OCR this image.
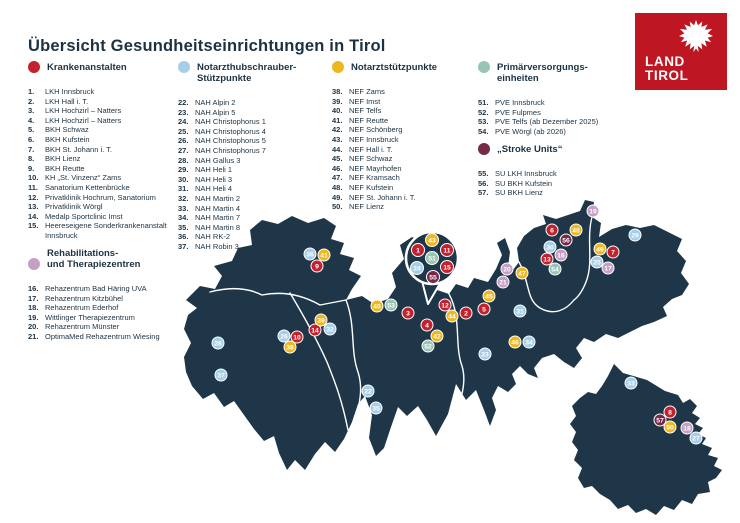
Übersicht Gesundheitseinrichtungen in Tirol
LAND
TIROL
Krankenanstalten
1.	LKH Innsbruck
2.	LKH Hall i. T.
3.	LKH Hochzirl – Natters
4.	LKH Hochzirl – Natters
5.	BKH Schwaz
6.	BKH Kufstein
7.	BKH St. Johann i. T.
8.	BKH Lienz
9.	BKH Reutte
10. KH „St. Vinzenz“ Zams
11. Sanatorium Kettenbrücke
12. Privatklinik Hochrum, Sanatorium
13. Privatklinik Wörgl
14. Medalp Sportclinic Imst
15. Heereseigene Sonderkrankenanstalt Innsbruck
Rehabilitations-
und Therapiezentren
16. Rehazentrum Bad Häring UVA
17. Rehazentrum Kitzbühel
18. Rehazentrum Ederhof
19. Wittlinger Therapiezentrum
20. Rehazentrum Münster
21. OptimaMed Rehazentrum Wiesing
Notarzthubschrauber-
Stützpunkte
22. NAH Alpin 2
23. NAH Alpin 5
24. NAH Christophorus 1
25. NAH Christophorus 4
26. NAH Christophorus 5
27. NAH Christophorus 7
28. NAH Gallus 3
29. NAH Heli 1
30. NAH Heli 3
31. NAH Heli 4
32. NAH Martin 2
33. NAH Martin 4
34. NAH Martin 7
35. NAH Martin 8
36. NAH RK-2
37. NAH Robin 3
Notarztstützpunkte
38. NEF Zams
39. NEF Imst
40. NEF Telfs
41. NEF Reutte
42. NEF Schönberg
43. NEF Innsbruck
44. NEF Hall i. T.
45. NEF Schwaz
46. NEF Mayrhofen
47. NEF Kramsach
48. NEF Kufstein
49. NEF St. Johann i. T.
50. NEF Lienz
Primärversorgungs-
einheiten
51. PVE Innsbruck
52. PVE Fulpmes
53. PVE Telfs (ab Dezember 2025)
54. PVE Wörgl (ab 2026)
„Stroke Units“
55. SU LKH Innsbruck
56. SU BKH Kufstein
57. SU BKH Lienz
1
2
3
4
5
6
7
8
9
10
11
12
13
14
15
16
17
18
19
20
21
22
23
24
25
26
27
28
29
30
31
32
33
34
35
36
37
38
39
40
41
42
43
44
45
46
47
48
49
50
51
52
53
54
55
56
57
